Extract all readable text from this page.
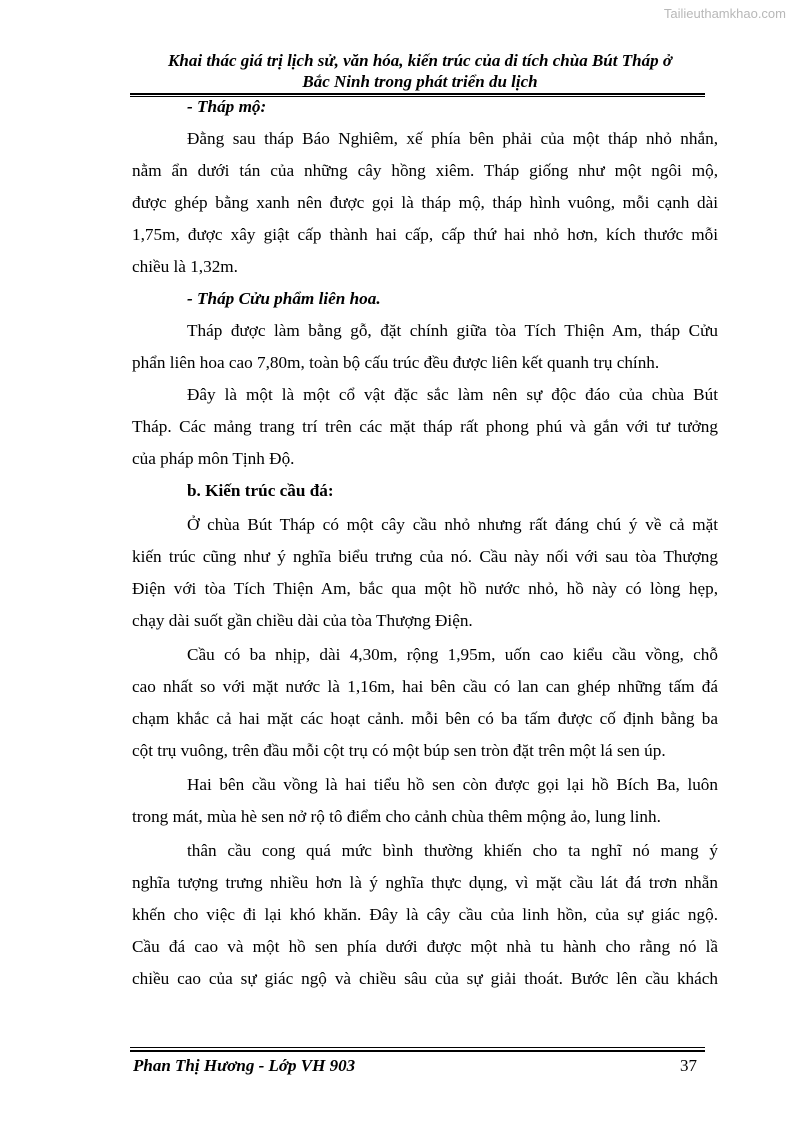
Tailieuthamkhao.com
Khai thác giá trị lịch sử, văn hóa, kiến trúc của di tích chùa Bút Tháp ở
Bắc Ninh trong phát triển du lịch
- Tháp mộ:
Đằng sau tháp Báo Nghiêm, xế phía bên phải của một tháp nhỏ nhắn,
nằm ẩn dưới tán của những cây hồng xiêm. Tháp giống như một ngôi mộ,
được ghép bằng xanh nên được gọi là tháp mộ, tháp hình vuông, mỗi cạnh dài
1,75m, được xây giật cấp thành hai cấp, cấp thứ hai nhỏ hơn, kích thước mỗi
chiều là 1,32m.
- Tháp Cửu phẩm liên hoa.
Tháp được làm bằng gỗ, đặt chính giữa tòa Tích Thiện Am, tháp Cửu
phẩn liên hoa cao 7,80m, toàn bộ cấu trúc đều được liên kết quanh trụ chính.
Đây là một là một cổ vật đặc sắc làm nên sự độc đáo của chùa Bút
Tháp. Các mảng trang trí trên các mặt tháp rất phong phú và gắn với tư tưởng
của pháp môn Tịnh Độ.
b. Kiến trúc cầu đá:
Ở chùa Bút Tháp có một cây cầu nhỏ nhưng rất đáng chú ý về cả mặt
kiến trúc cũng như ý nghĩa biểu trưng của nó. Cầu này nối với sau tòa Thượng
Điện với tòa Tích Thiện Am, bắc qua một hồ nước nhỏ, hồ này có lòng hẹp,
chạy dài suốt gần chiều dài của tòa Thượng Điện.
Cầu có ba nhịp, dài 4,30m, rộng 1,95m, uốn cao kiểu cầu vồng, chỗ
cao nhất so với mặt nước là 1,16m, hai bên cầu có lan can ghép những tấm đá
chạm khắc cả hai mặt các hoạt cảnh. mỗi bên có ba tấm được cố định bằng ba
cột trụ vuông, trên đầu mỗi cột trụ có một búp sen tròn đặt trên một lá sen úp.
Hai bên cầu vồng là hai tiểu hồ sen còn được gọi lại hồ Bích Ba, luôn
trong mát, mùa hè sen nở rộ tô điểm cho cảnh chùa thêm mộng ảo, lung linh.
thân cầu cong quá mức bình thường khiến cho ta nghĩ nó mang ý
nghĩa tượng trưng nhiều hơn là ý nghĩa thực dụng, vì mặt cầu lát đá trơn nhẵn
khến cho việc đi lại khó khăn. Đây là cây cầu của linh hồn, của sự giác ngộ.
Cầu đá cao và một hồ sen phía dưới được một nhà tu hành cho rằng nó lầ
chiều cao của sự giác ngộ và chiều sâu của sự giải thoát. Bước lên cầu khách
Phan Thị Hương - Lớp VH 903	37
